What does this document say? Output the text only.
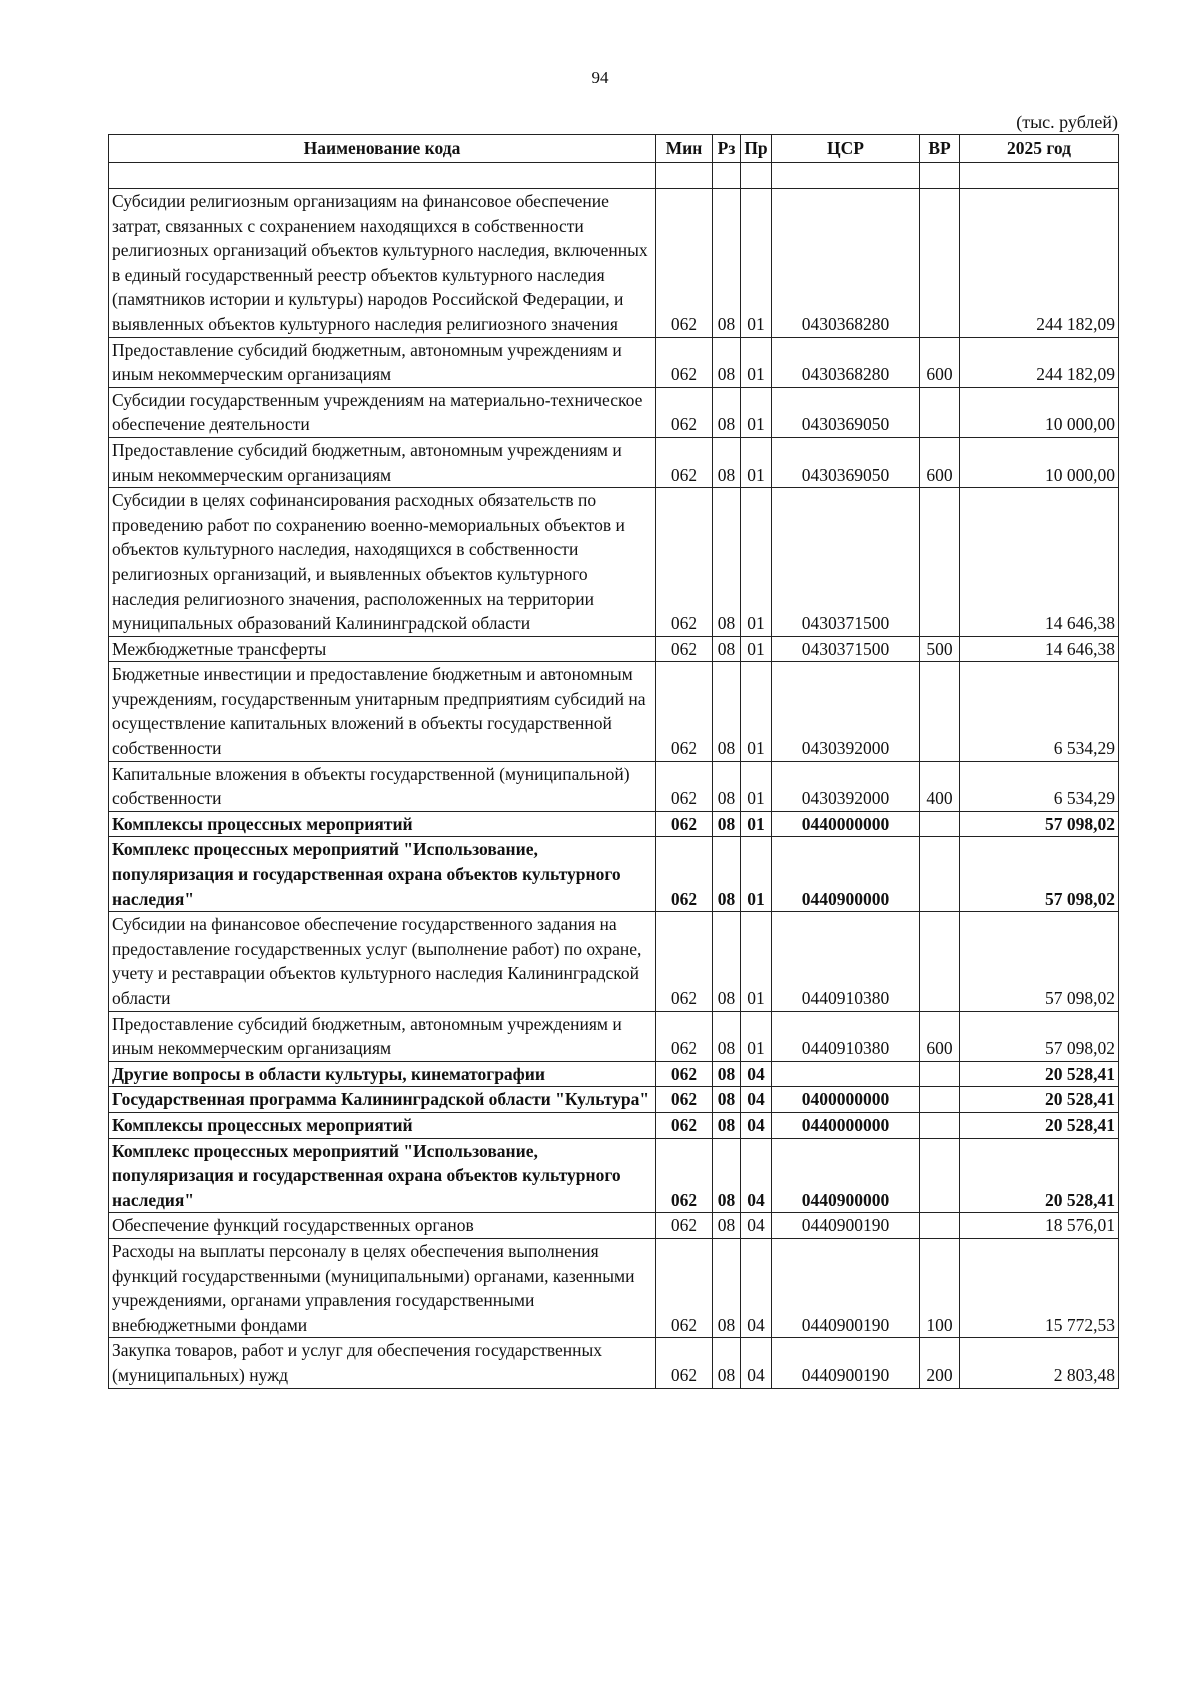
94
(тыс. рублей)
Наименование кода	Мин	Рз	Пр	ЦСР	ВР	2025 год

Субсидии религиозным организациям на финансовое обеспечение затрат, связанных с сохранением находящихся в собственности религиозных организаций объектов культурного наследия, включенных в единый государственный реестр объектов культурного наследия (памятников истории и культуры) народов Российской Федерации, и выявленных объектов культурного наследия религиозного значения	062	08	01	0430368280		244 182,09
Предоставление субсидий бюджетным, автономным учреждениям и иным некоммерческим организациям	062	08	01	0430368280	600	244 182,09
Субсидии государственным учреждениям на материально-техническое обеспечение деятельности	062	08	01	0430369050		10 000,00
Предоставление субсидий бюджетным, автономным учреждениям и иным некоммерческим организациям	062	08	01	0430369050	600	10 000,00
Субсидии в целях софинансирования расходных обязательств по проведению работ по сохранению военно-мемориальных объектов и объектов культурного наследия, находящихся в собственности религиозных организаций, и выявленных объектов культурного наследия религиозного значения, расположенных на территории муниципальных образований Калининградской области	062	08	01	0430371500		14 646,38
Межбюджетные трансферты	062	08	01	0430371500	500	14 646,38
Бюджетные инвестиции и предоставление бюджетным и автономным учреждениям, государственным унитарным предприятиям субсидий на осуществление капитальных вложений в объекты государственной собственности	062	08	01	0430392000		6 534,29
Капитальные вложения в объекты государственной (муниципальной) собственности	062	08	01	0430392000	400	6 534,29
Комплексы процессных мероприятий	062	08	01	0440000000		57 098,02
Комплекс процессных мероприятий "Использование, популяризация и государственная охрана объектов культурного наследия"	062	08	01	0440900000		57 098,02
Субсидии на финансовое обеспечение государственного задания на предоставление государственных услуг (выполнение работ) по охране, учету и реставрации объектов культурного наследия Калининградской области	062	08	01	0440910380		57 098,02
Предоставление субсидий бюджетным, автономным учреждениям и иным некоммерческим организациям	062	08	01	0440910380	600	57 098,02
Другие вопросы в области культуры, кинематографии	062	08	04			20 528,41
Государственная программа Калининградской области "Культура"	062	08	04	0400000000		20 528,41
Комплексы процессных мероприятий	062	08	04	0440000000		20 528,41
Комплекс процессных мероприятий "Использование, популяризация и государственная охрана объектов культурного наследия"	062	08	04	0440900000		20 528,41
Обеспечение функций государственных органов	062	08	04	0440900190		18 576,01
Расходы на выплаты персоналу в целях обеспечения выполнения функций государственными (муниципальными) органами, казенными учреждениями, органами управления государственными внебюджетными фондами	062	08	04	0440900190	100	15 772,53
Закупка товаров, работ и услуг для обеспечения государственных (муниципальных) нужд	062	08	04	0440900190	200	2 803,48
